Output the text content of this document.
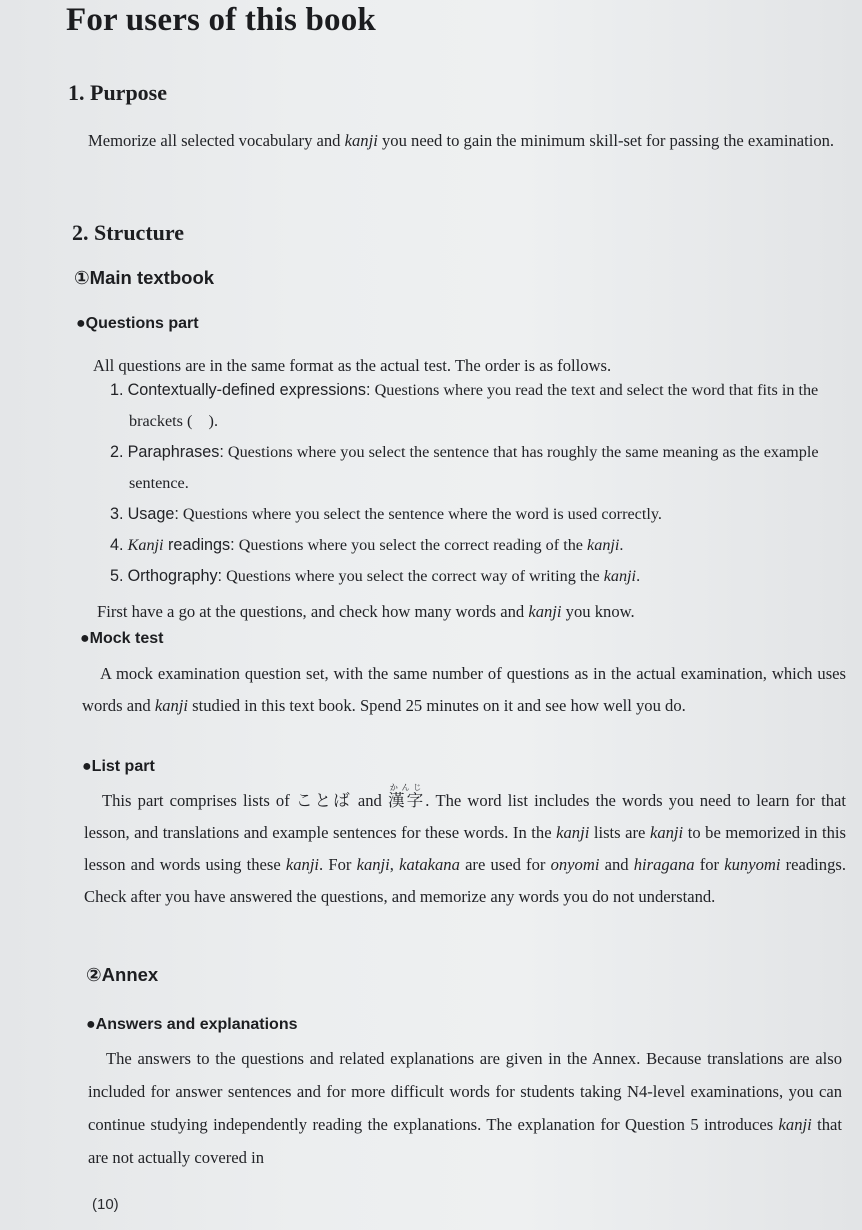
For users of this book
1. Purpose
Memorize all selected vocabulary and kanji you need to gain the minimum skill-set for passing the examination.
2. Structure
①Main textbook
●Questions part
All questions are in the same format as the actual test. The order is as follows.
1. Contextually-defined expressions: Questions where you read the text and select the word that fits in the brackets (　).
2. Paraphrases: Questions where you select the sentence that has roughly the same meaning as the example sentence.
3. Usage: Questions where you select the sentence where the word is used correctly.
4. Kanji readings: Questions where you select the correct reading of the kanji.
5. Orthography: Questions where you select the correct way of writing the kanji.
First have a go at the questions, and check how many words and kanji you know.
●Mock test
A mock examination question set, with the same number of questions as in the actual examination, which uses words and kanji studied in this text book. Spend 25 minutes on it and see how well you do.
●List part
This part comprises lists of ことば and 漢字かんじ. The word list includes the words you need to learn for that lesson, and translations and example sentences for these words. In the kanji lists are kanji to be memorized in this lesson and words using these kanji. For kanji, katakana are used for onyomi and hiragana for kunyomi readings. Check after you have answered the questions, and memorize any words you do not understand.
②Annex
●Answers and explanations
The answers to the questions and related explanations are given in the Annex. Because translations are also included for answer sentences and for more difficult words for students taking N4-level examinations, you can continue studying independently reading the explanations. The explanation for Question 5 introduces kanji that are not actually covered in
(10)
